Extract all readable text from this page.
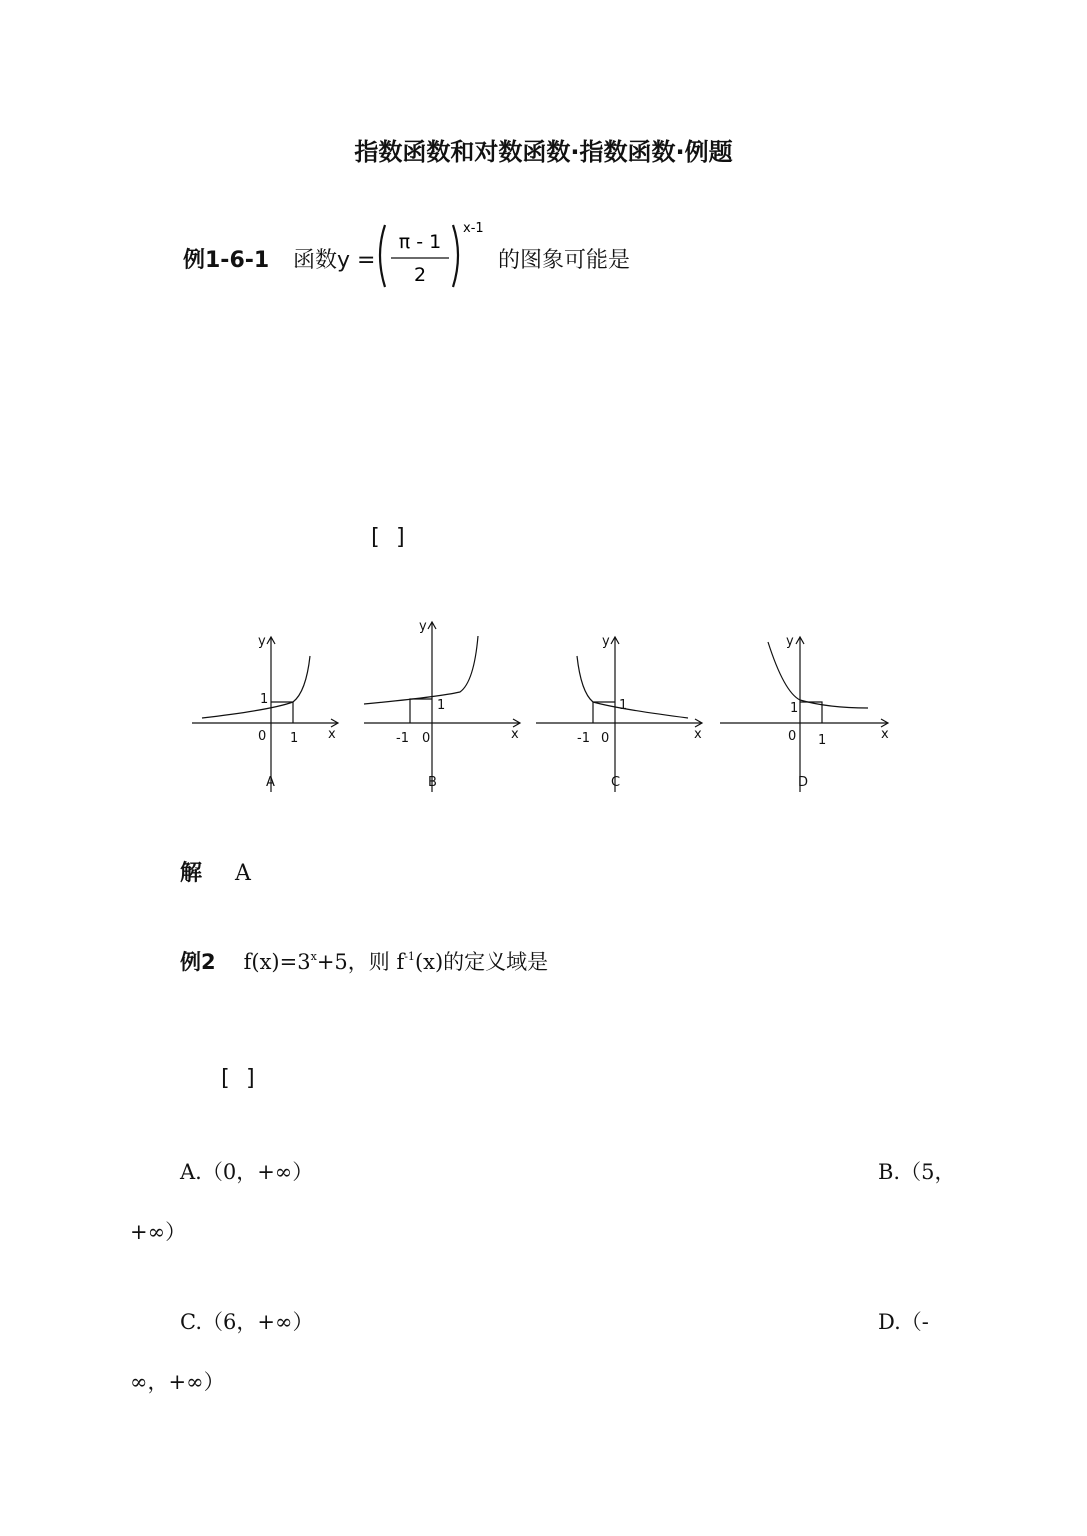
指数函数和对数函数·指数函数·例题
例1-6-1 函数y =
π - 1
2
x-1
的图象可能是
[ ]
y
x
0 1
1
A
y
x
0
-1
1
B
y
x
0
-1
1
C
y
x
0 1
1
D
解 A
例2 $f(x)=3^x+5$，则 $f^{-1}(x)$的定义域是
[ ]
A.（0，+∞）	B.（5，
+∞）
C.（6，+∞）	D.（-
∞，+∞）
